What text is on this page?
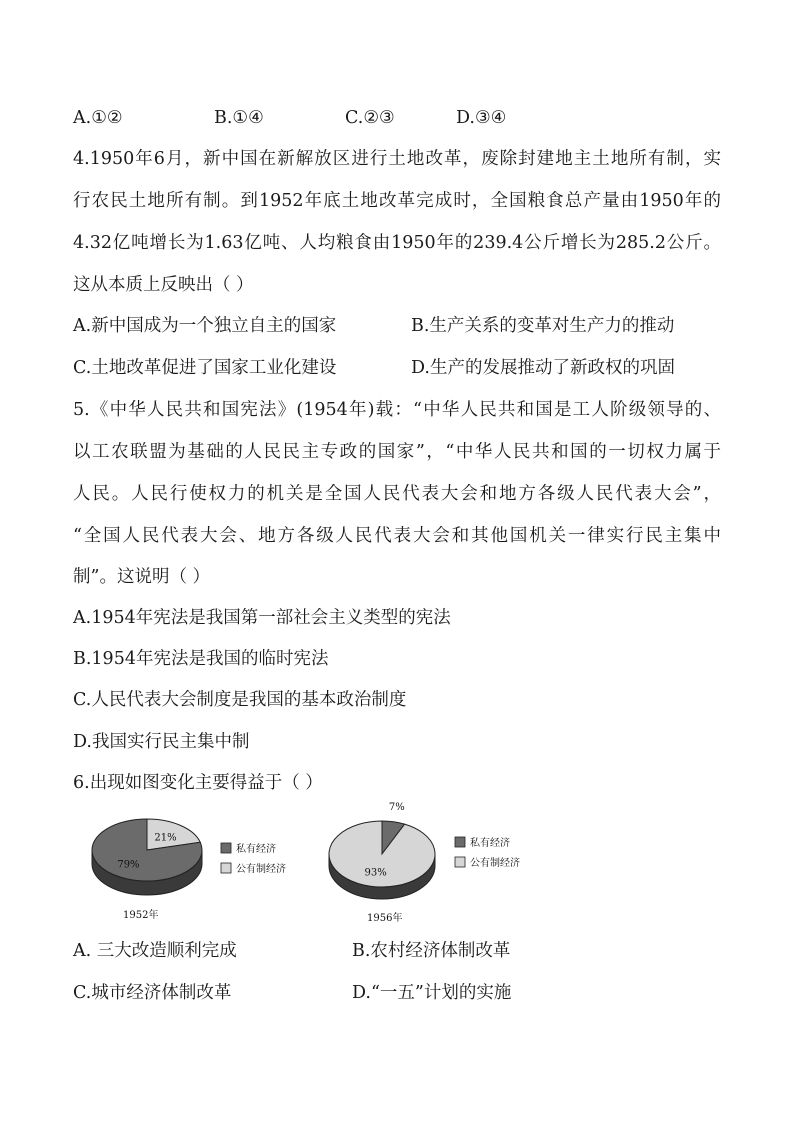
A.①②	B.①④	C.②③	D.③④
4.1950年6月，新中国在新解放区进行土地改革，废除封建地主土地所有制，实
行农民土地所有制。到1952年底土地改革完成时，全国粮食总产量由1950年的
4.32亿吨增长为1.63亿吨、人均粮食由1950年的239.4公斤增长为285.2公斤。
这从本质上反映出（ ）
A.新中国成为一个独立自主的国家	B.生产关系的变革对生产力的推动
C.土地改革促进了国家工业化建设	D.生产的发展推动了新政权的巩固
5.《中华人民共和国宪法》(1954年)载：“中华人民共和国是工人阶级领导的、
以工农联盟为基础的人民民主专政的国家”，“中华人民共和国的一切权力属于
人民。人民行使权力的机关是全国人民代表大会和地方各级人民代表大会”，
“全国人民代表大会、地方各级人民代表大会和其他国机关一律实行民主集中
制”。这说明（ ）
A.1954年宪法是我国第一部社会主义类型的宪法
B.1954年宪法是我国的临时宪法
C.人民代表大会制度是我国的基本政治制度
D.我国实行民主集中制
6.出现如图变化主要得益于（ ）
21%
79%
私有经济
公有制经济
1952年
7%
93%
私有经济
公有制经济
1956年
A. 三大改造顺利完成	B.农村经济体制改革
C.城市经济体制改革	D.“一五”计划的实施
